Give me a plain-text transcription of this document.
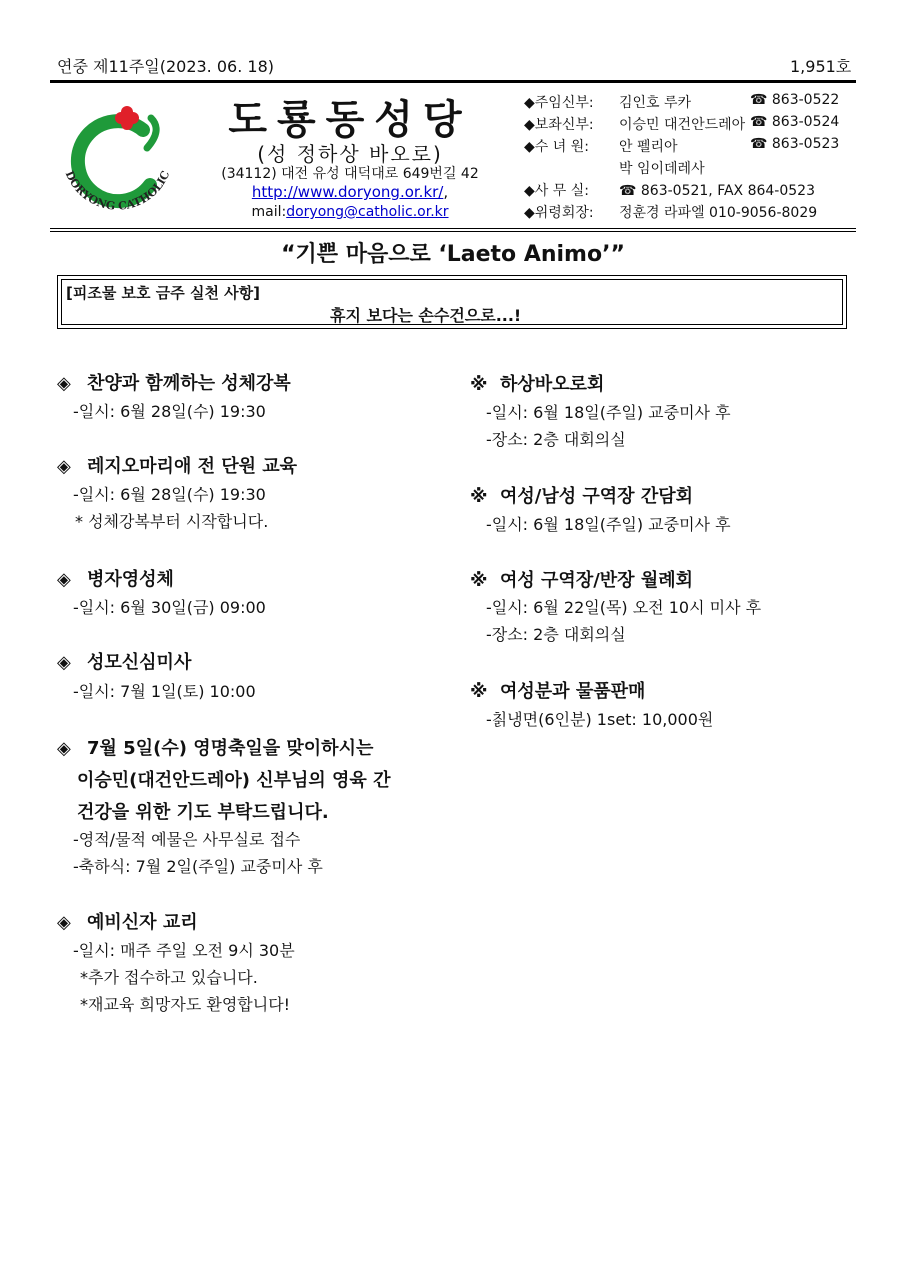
연중 제11주일(2023. 06. 18)	1,951호
DORYONG CATHOLIC
도룡동성당
(성 정하상 바오로)
(34112) 대전 유성 대덕대로 649번길 42
http://www.doryong.or.kr/,
mail:doryong@catholic.or.kr
◆주임신부: 김인호 루카	☎ 863-0522
◆보좌신부: 이승민 대건안드레아 ☎ 863-0524
◆수 녀 원: 안 펠리아	☎ 863-0523
박 임이데레사
◆사 무 실: ☎ 863-0521, FAX 864-0523
◆위령회장: 정훈경 라파엘 010-9056-8029
“기쁜 마음으로 ‘Laeto Animo’”
[피조물 보호 금주 실천 사항]
휴지 보다는 손수건으로...!
◈ 찬양과 함께하는 성체강복
-일시: 6월 28일(수) 19:30
◈ 레지오마리애 전 단원 교육
-일시: 6월 28일(수) 19:30
* 성체강복부터 시작합니다.
◈ 병자영성체
-일시: 6월 30일(금) 09:00
◈ 성모신심미사
-일시: 7월 1일(토) 10:00
◈ 7월 5일(수) 영명축일을 맞이하시는
이승민(대건안드레아) 신부님의 영육 간
건강을 위한 기도 부탁드립니다.
-영적/물적 예물은 사무실로 접수
-축하식: 7월 2일(주일) 교중미사 후
◈ 예비신자 교리
-일시: 매주 주일 오전 9시 30분
*추가 접수하고 있습니다.
*재교육 희망자도 환영합니다!
※ 하상바오로회
-일시: 6월 18일(주일) 교중미사 후
-장소: 2층 대회의실
※ 여성/남성 구역장 간담회
-일시: 6월 18일(주일) 교중미사 후
※ 여성 구역장/반장 월례회
-일시: 6월 22일(목) 오전 10시 미사 후
-장소: 2층 대회의실
※ 여성분과 물품판매
-칡냉면(6인분) 1set: 10,000원
